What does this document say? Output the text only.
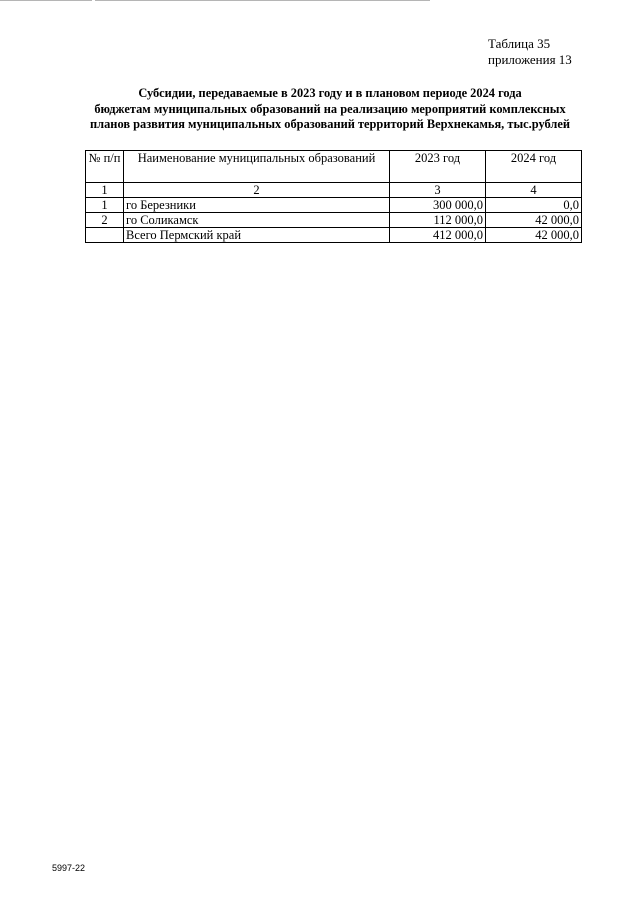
Таблица 35
приложения 13
Субсидии, передаваемые в 2023 году и в плановом периоде 2024 года
бюджетам муниципальных образований на реализацию мероприятий комплексных
планов развития муниципальных образований территорий Верхнекамья, тыс.рублей
№ п/п	Наименование муниципальных образований	2023 год	2024 год
1	2	3	4
1	го Березники	300 000,0	0,0
2	го Соликамск	112 000,0	42 000,0
	Всего Пермский край	412 000,0	42 000,0
5997-22
